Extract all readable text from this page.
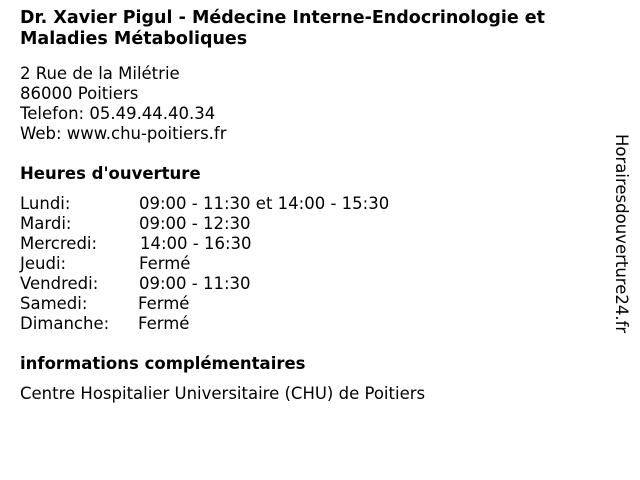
Dr. Xavier Pigul - Médecine Interne-Endocrinologie et Maladies Métaboliques
2 Rue de la Milétrie
86000 Poitiers
Telefon: 05.49.44.40.34
Web: www.chu-poitiers.fr
Heures d'ouverture
Lundi:	09:00 - 11:30 et 14:00 - 15:30
Mardi:	09:00 - 12:30
Mercredi:	14:00 - 16:30
Jeudi:	Fermé
Vendredi: 09:00 - 11:30
Samedi:	Fermé
Dimanche: Fermé
informations complémentaires
Centre Hospitalier Universitaire (CHU) de Poitiers
Horairesdouverture24.fr
